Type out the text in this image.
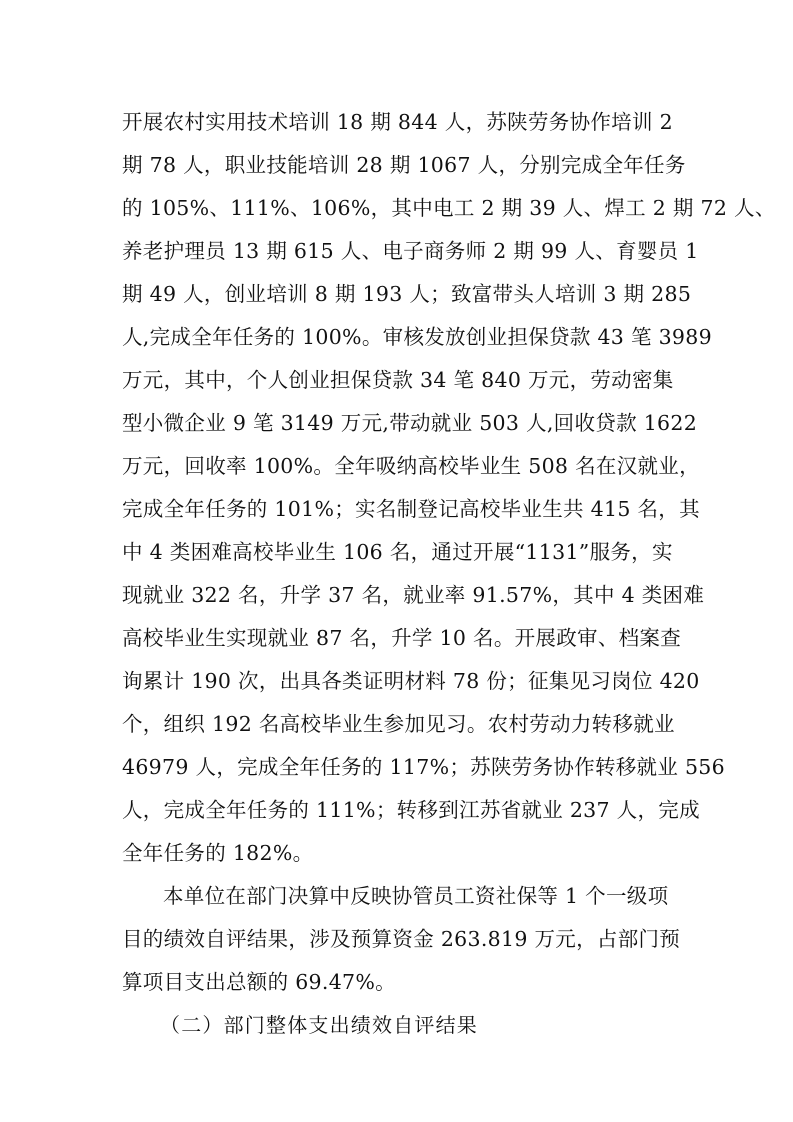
开展农村实用技术培训 18 期 844 人，苏陕劳务协作培训 2
期 78 人，职业技能培训 28 期 1067 人，分别完成全年任务
的 105%、111%、106%，其中电工 2 期 39 人、焊工 2 期 72 人、
养老护理员 13 期 615 人、电子商务师 2 期 99 人、育婴员 1
期 49 人，创业培训 8 期 193 人；致富带头人培训 3 期 285
人,完成全年任务的 100%。审核发放创业担保贷款 43 笔 3989
万元，其中，个人创业担保贷款 34 笔 840 万元，劳动密集
型小微企业 9 笔 3149 万元,带动就业 503 人,回收贷款 1622
万元，回收率 100%。全年吸纳高校毕业生 508 名在汉就业，
完成全年任务的 101%；实名制登记高校毕业生共 415 名，其
中 4 类困难高校毕业生 106 名，通过开展“1131”服务，实
现就业 322 名，升学 37 名，就业率 91.57%，其中 4 类困难
高校毕业生实现就业 87 名，升学 10 名。开展政审、档案查
询累计 190 次，出具各类证明材料 78 份；征集见习岗位 420
个，组织 192 名高校毕业生参加见习。农村劳动力转移就业
46979 人，完成全年任务的 117%；苏陕劳务协作转移就业 556
人，完成全年任务的 111%；转移到江苏省就业 237 人，完成
全年任务的 182%。
本单位在部门决算中反映协管员工资社保等 1 个一级项
目的绩效自评结果，涉及预算资金 263.819 万元，占部门预
算项目支出总额的 69.47%。
（二）部门整体支出绩效自评结果
